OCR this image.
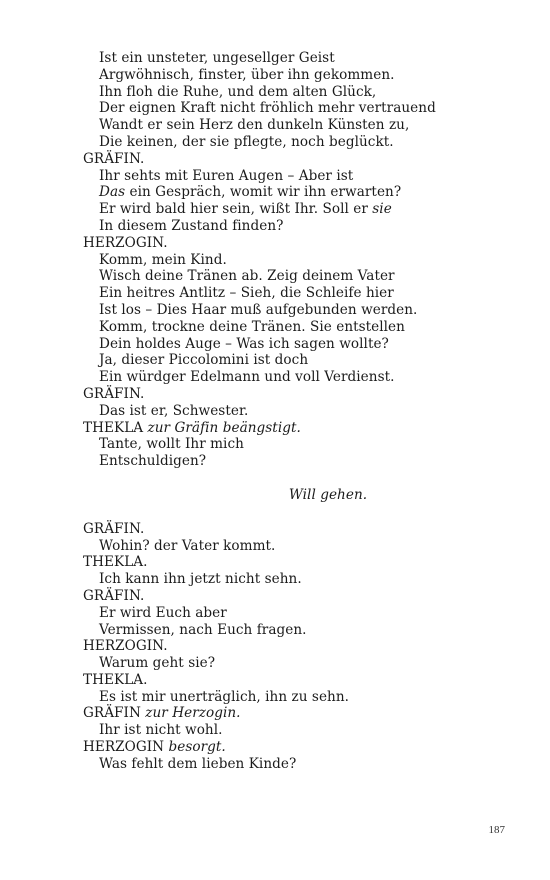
Ist ein unsteter, ungesellger Geist
Argwöhnisch, finster, über ihn gekommen.
Ihn floh die Ruhe, und dem alten Glück,
Der eignen Kraft nicht fröhlich mehr vertrauend
Wandt er sein Herz den dunkeln Künsten zu,
Die keinen, der sie pflegte, noch beglückt.
GRÄFIN.
Ihr sehts mit Euren Augen – Aber ist
Das ein Gespräch, womit wir ihn erwarten?
Er wird bald hier sein, wißt Ihr. Soll er sie
In diesem Zustand finden?
HERZOGIN.
Komm, mein Kind.
Wisch deine Tränen ab. Zeig deinem Vater
Ein heitres Antlitz – Sieh, die Schleife hier
Ist los – Dies Haar muß aufgebunden werden.
Komm, trockne deine Tränen. Sie entstellen
Dein holdes Auge – Was ich sagen wollte?
Ja, dieser Piccolomini ist doch
Ein würdger Edelmann und voll Verdienst.
GRÄFIN.
Das ist er, Schwester.
THEKLA zur Gräfin beängstigt.
Tante, wollt Ihr mich
Entschuldigen?
Will gehen.
GRÄFIN.
Wohin? der Vater kommt.
THEKLA.
Ich kann ihn jetzt nicht sehn.
GRÄFIN.
Er wird Euch aber
Vermissen, nach Euch fragen.
HERZOGIN.
Warum geht sie?
THEKLA.
Es ist mir unerträglich, ihn zu sehn.
GRÄFIN zur Herzogin.
Ihr ist nicht wohl.
HERZOGIN besorgt.
Was fehlt dem lieben Kinde?
187
